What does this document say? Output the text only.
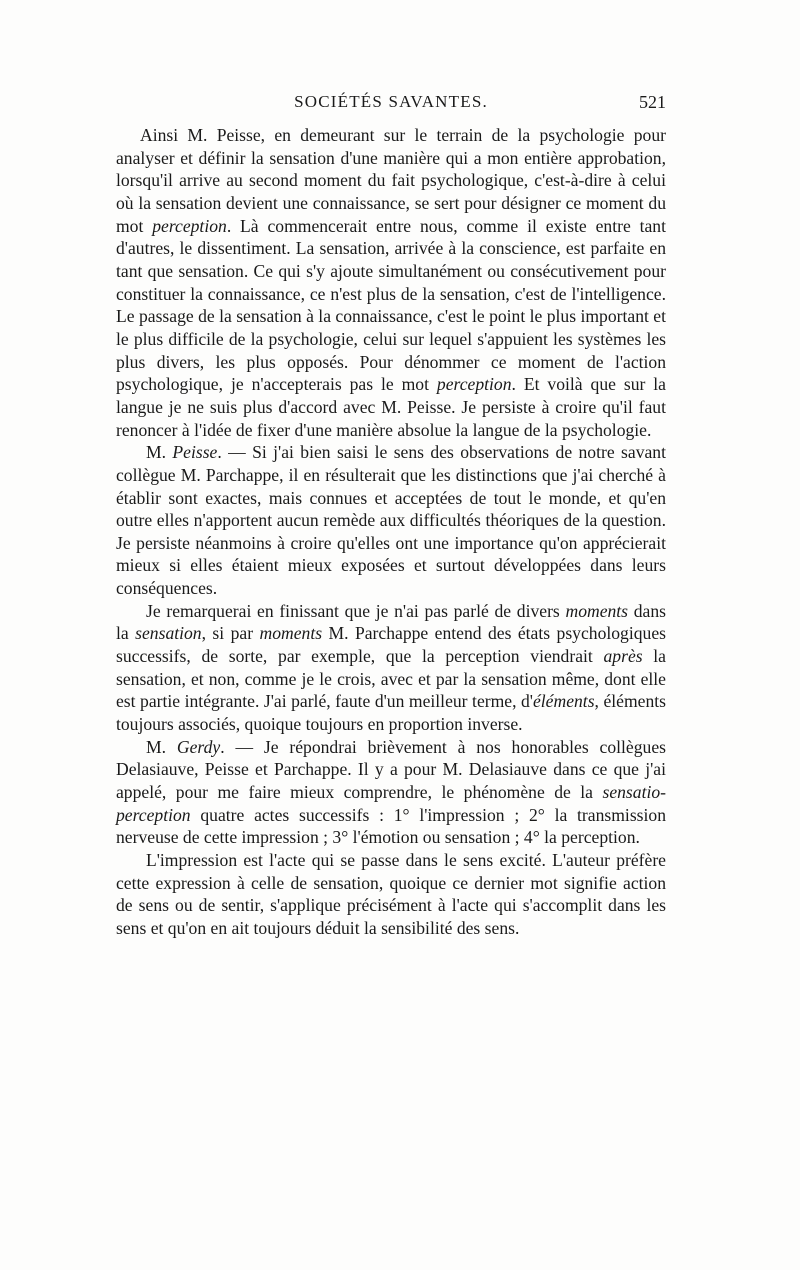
SOCIÉTÉS SAVANTES.	521

Ainsi M. Peisse, en demeurant sur le terrain de la psychologie pour analyser et définir la sensation d'une manière qui a mon entière approbation, lorsqu'il arrive au second moment du fait psychologique, c'est-à-dire à celui où la sensation devient une connaissance, se sert pour désigner ce moment du mot perception. Là commencerait entre nous, comme il existe entre tant d'autres, le dissentiment. La sensation, arrivée à la conscience, est parfaite en tant que sensation. Ce qui s'y ajoute simultanément ou consécutivement pour constituer la connaissance, ce n'est plus de la sensation, c'est de l'intelligence. Le passage de la sensation à la connaissance, c'est le point le plus important et le plus difficile de la psychologie, celui sur lequel s'appuient les systèmes les plus divers, les plus opposés. Pour dénommer ce moment de l'action psychologique, je n'accepterais pas le mot perception. Et voilà que sur la langue je ne suis plus d'accord avec M. Peisse. Je persiste à croire qu'il faut renoncer à l'idée de fixer d'une manière absolue la langue de la psychologie.

M. Peisse. — Si j'ai bien saisi le sens des observations de notre savant collègue M. Parchappe, il en résulterait que les distinctions que j'ai cherché à établir sont exactes, mais connues et acceptées de tout le monde, et qu'en outre elles n'apportent aucun remède aux difficultés théoriques de la question. Je persiste néanmoins à croire qu'elles ont une importance qu'on apprécierait mieux si elles étaient mieux exposées et surtout développées dans leurs conséquences.

Je remarquerai en finissant que je n'ai pas parlé de divers moments dans la sensation, si par moments M. Parchappe entend des états psychologiques successifs, de sorte, par exemple, que la perception viendrait après la sensation, et non, comme je le crois, avec et par la sensation même, dont elle est partie intégrante. J'ai parlé, faute d'un meilleur terme, d'éléments, éléments toujours associés, quoique toujours en proportion inverse.

M. Gerdy. — Je répondrai brièvement à nos honorables collègues Delasiauve, Peisse et Parchappe. Il y a pour M. Delasiauve dans ce que j'ai appelé, pour me faire mieux comprendre, le phénomène de la sensatio-perception quatre actes successifs : 1° l'impression ; 2° la transmission nerveuse de cette impression ; 3° l'émotion ou sensation ; 4° la perception.

L'impression est l'acte qui se passe dans le sens excité. L'auteur préfère cette expression à celle de sensation, quoique ce dernier mot signifie action de sens ou de sentir, s'applique précisément à l'acte qui s'accomplit dans les sens et qu'on en ait toujours déduit la sensibilité des sens.
